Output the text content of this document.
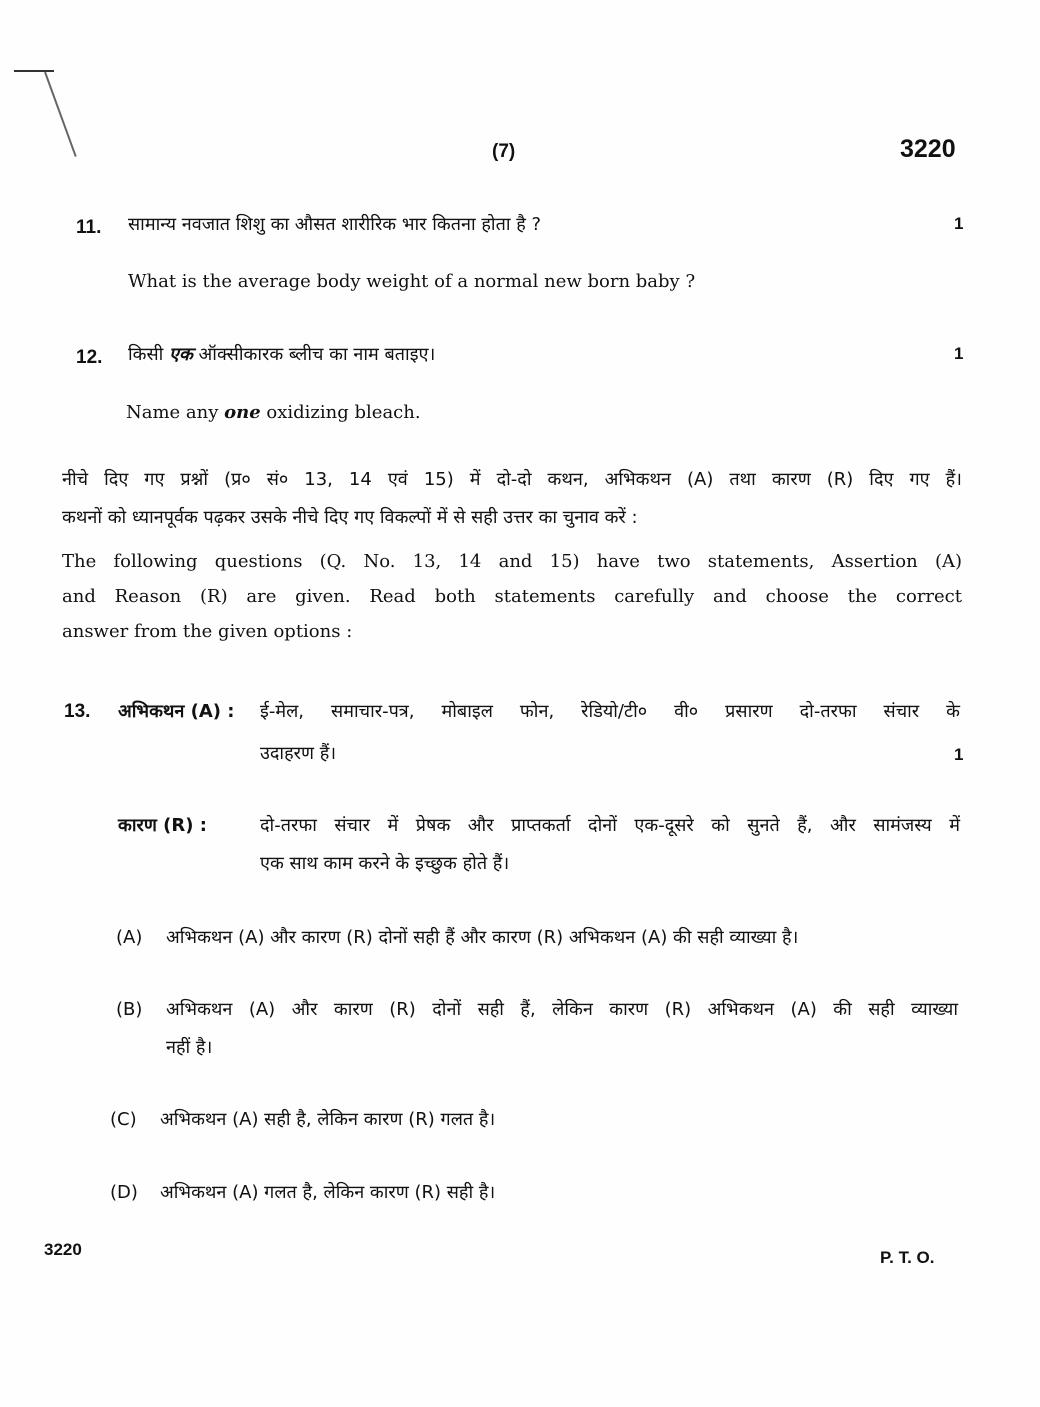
(7)	3220
11. सामान्य नवजात शिशु का औसत शारीरिक भार कितना होता है ?	1
What is the average body weight of a normal new born baby ?
12. किसी एक ऑक्सीकारक ब्लीच का नाम बताइए।	1
Name any one oxidizing bleach.
नीचे दिए गए प्रश्नों (प्र० सं० 13, 14 एवं 15) में दो-दो कथन, अभिकथन (A) तथा कारण (R) दिए गए हैं।
कथनों को ध्यानपूर्वक पढ़कर उसके नीचे दिए गए विकल्पों में से सही उत्तर का चुनाव करें :
The following questions (Q. No. 13, 14 and 15) have two statements, Assertion (A)
and Reason (R) are given. Read both statements carefully and choose the correct
answer from the given options :
13. अभिकथन (A) : ई-मेल, समाचार-पत्र, मोबाइल फोन, रेडियो/टी० वी० प्रसारण दो-तरफा संचार के
उदाहरण हैं।	1
कारण (R) :	दो-तरफा संचार में प्रेषक और प्राप्तकर्ता दोनों एक-दूसरे को सुनते हैं, और सामंजस्य में
एक साथ काम करने के इच्छुक होते हैं।
(A) अभिकथन (A) और कारण (R) दोनों सही हैं और कारण (R) अभिकथन (A) की सही व्याख्या है।
(B) अभिकथन (A) और कारण (R) दोनों सही हैं, लेकिन कारण (R) अभिकथन (A) की सही व्याख्या
नहीं है।
(C) अभिकथन (A) सही है, लेकिन कारण (R) गलत है।
(D) अभिकथन (A) गलत है, लेकिन कारण (R) सही है।
3220	P. T. O.
